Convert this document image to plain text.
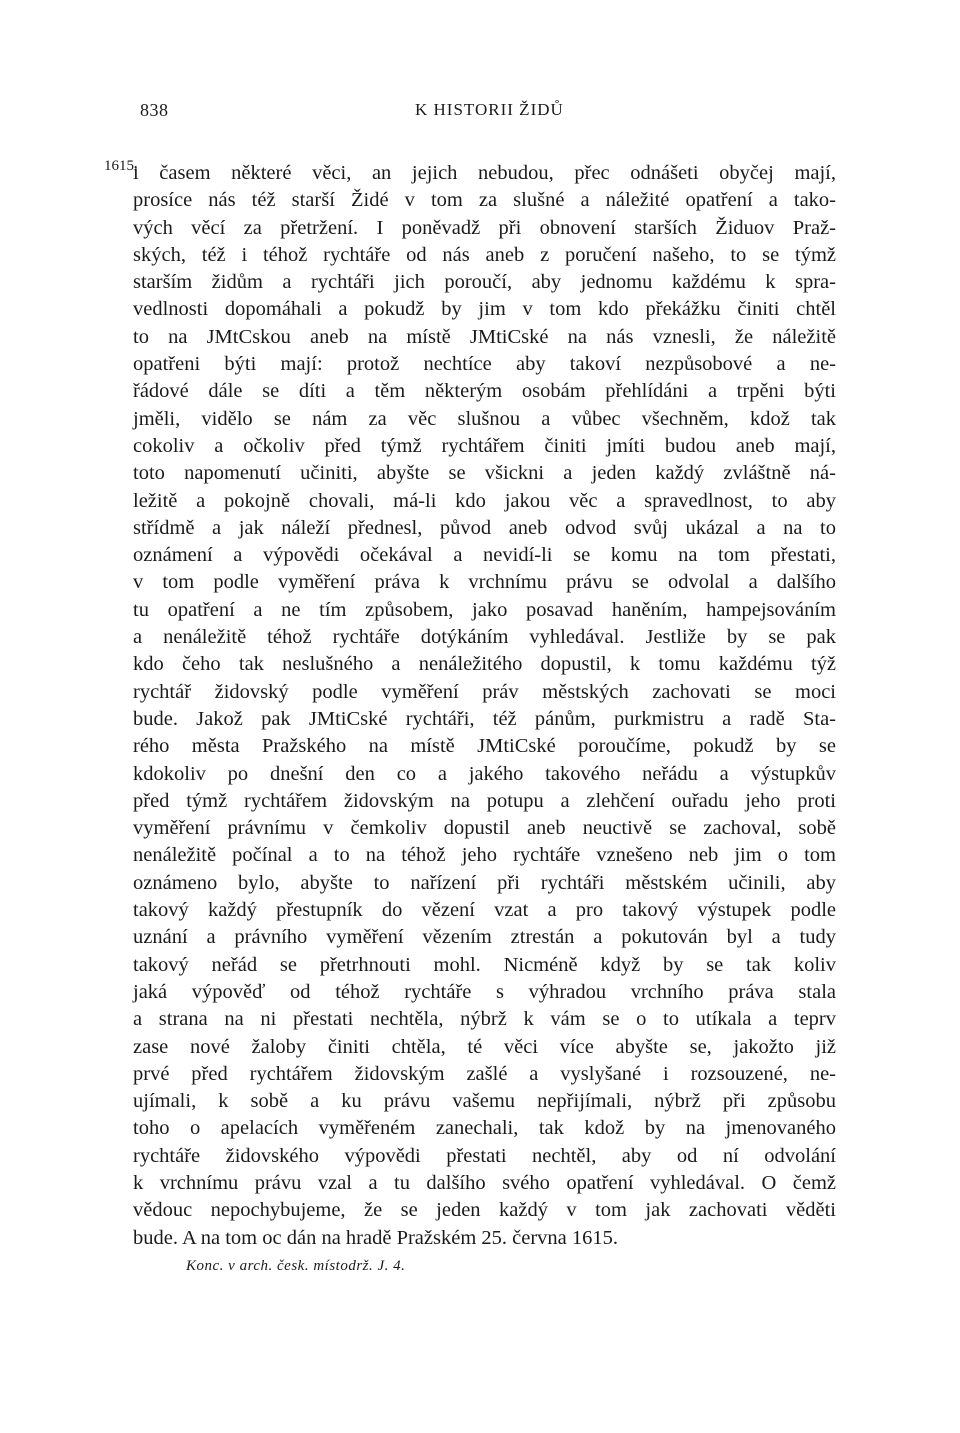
838	K HISTORII ŽIDŮ
1615.
i časem některé věci, an jejich nebudou, přec odnášeti obyčej mají,
prosíce nás též starší Židé v tom za slušné a náležité opatření a tako-
vých věcí za přetržení. I poněvadž při obnovení starších Židuov Praž-
ských, též i téhož rychtáře od nás aneb z poručení našeho, to se týmž
starším židům a rychtáři jich poroučí, aby jednomu každému k spra-
vedlnosti dopomáhali a pokudž by jim v tom kdo překážku činiti chtěl
to na JMtCskou aneb na místě JMtiCské na nás vznesli, že náležitě
opatřeni býti mají: protož nechtíce aby takoví nezpůsobové a ne-
řádové dále se díti a těm některým osobám přehlídáni a trpěni býti
jměli, vidělo se nám za věc slušnou a vůbec všechněm, kdož tak
cokoliv a očkoliv před týmž rychtářem činiti jmíti budou aneb mají,
toto napomenutí učiniti, abyšte se všickni a jeden každý zvláštně ná-
ležitě a pokojně chovali, má-li kdo jakou věc a spravedlnost, to aby
střídmě a jak náleží přednesl, původ aneb odvod svůj ukázal a na to
oznámení a výpovědi očekával a nevidí-li se komu na tom přestati,
v tom podle vyměření práva k vrchnímu právu se odvolal a dalšího
tu opatření a ne tím způsobem, jako posavad haněním, hampejsováním
a nenáležitě téhož rychtáře dotýkáním vyhledával. Jestliže by se pak
kdo čeho tak neslušného a nenáležitého dopustil, k tomu každému týž
rychtář židovský podle vyměření práv městských zachovati se moci
bude. Jakož pak JMtiCské rychtáři, též pánům, purkmistru a radě Sta-
rého města Pražského na místě JMtiCské poroučíme, pokudž by se
kdokoliv po dnešní den co a jakého takového neřádu a výstupkův
před týmž rychtářem židovským na potupu a zlehčení ouřadu jeho proti
vyměření právnímu v čemkoliv dopustil aneb neuctivě se zachoval, sobě
nenáležitě počínal a to na téhož jeho rychtáře vznešeno neb jim o tom
oznámeno bylo, abyšte to nařízení při rychtáři městském učinili, aby
takový každý přestupník do vězení vzat a pro takový výstupek podle
uznání a právního vyměření vězením ztrestán a pokutován byl a tudy
takový neřád se přetrhnouti mohl. Nicméně když by se tak koliv
jaká výpověď od téhož rychtáře s výhradou vrchního práva stala
a strana na ni přestati nechtěla, nýbrž k vám se o to utíkala a teprv
zase nové žaloby činiti chtěla, té věci více abyšte se, jakožto již
prvé před rychtářem židovským zašlé a vyslyšané i rozsouzené, ne-
ujímali, k sobě a ku právu vašemu nepřijímali, nýbrž při způsobu
toho o apelacích vyměřeném zanechali, tak kdož by na jmenovaného
rychtáře židovského výpovědi přestati nechtěl, aby od ní odvolání
k vrchnímu právu vzal a tu dalšího svého opatření vyhledával. O čemž
vědouc nepochybujeme, že se jeden každý v tom jak zachovati věděti
bude. A na tom oc dán na hradě Pražském 25. června 1615.
Konc. v arch. česk. místodrž. J. 4.
